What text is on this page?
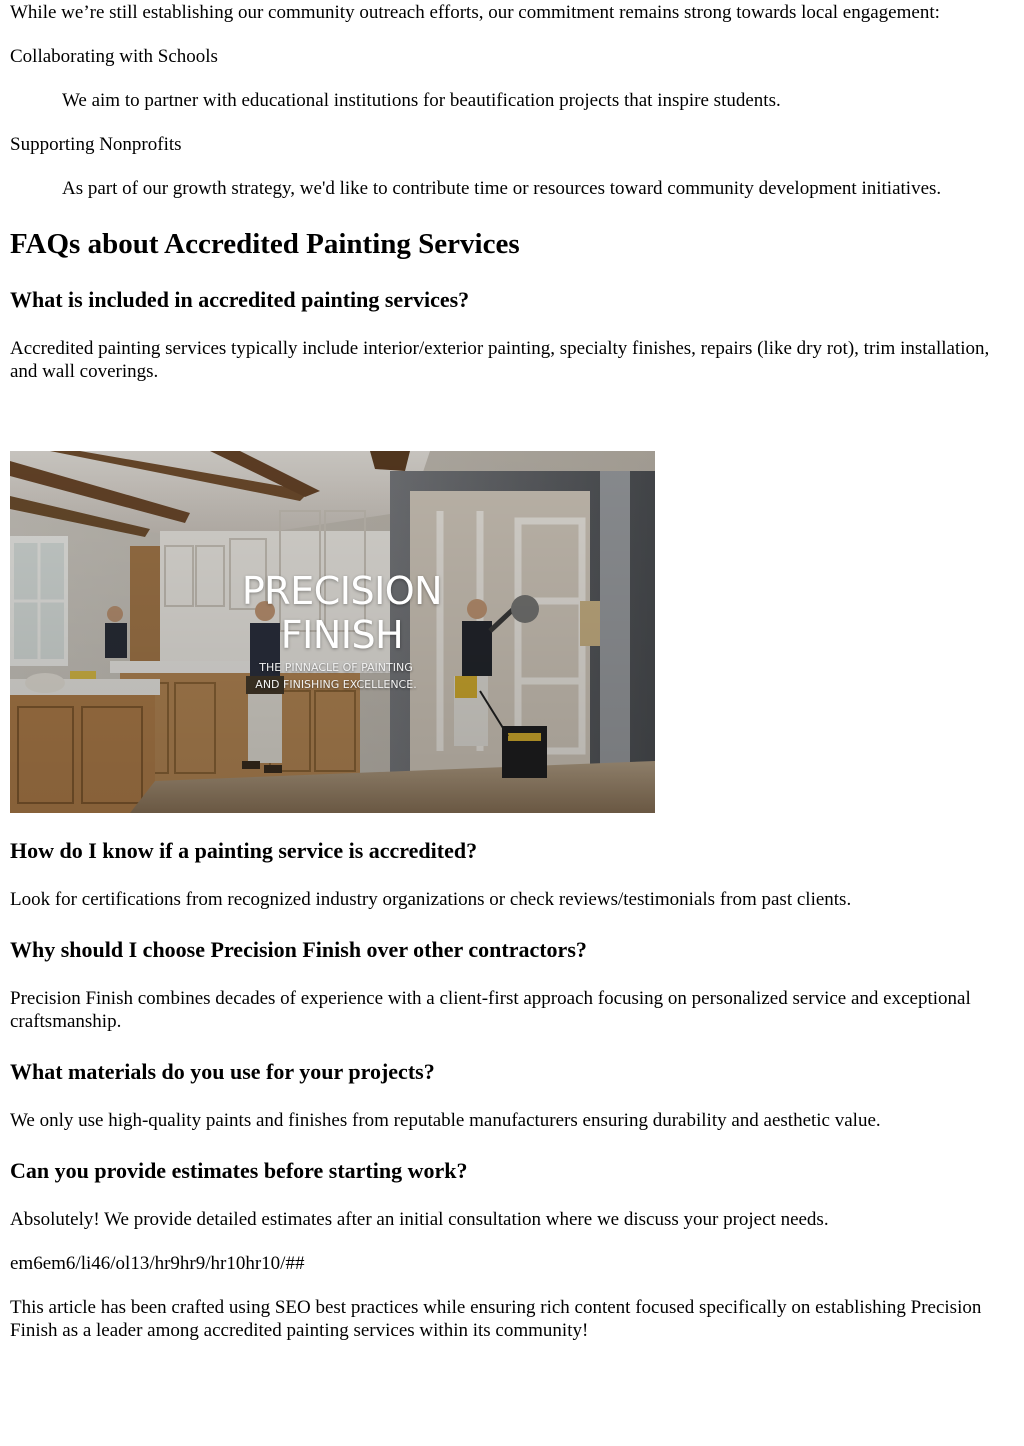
While we’re still establishing our community outreach efforts, our commitment remains strong towards local engagement:

Collaborating with Schools
We aim to partner with educational institutions for beautification projects that inspire students.
Supporting Nonprofits
As part of our growth strategy, we'd like to contribute time or resources toward community development initiatives.
FAQs about Accredited Painting Services
What is included in accredited painting services?

Accredited painting services typically include interior/exterior painting, specialty finishes, repairs (like dry rot), trim installation, and wall coverings.

PRECISION
FINISH
THE PINNACLE OF PAINTING
AND FINISHING EXCELLENCE.
How do I know if a painting service is accredited?

Look for certifications from recognized industry organizations or check reviews/testimonials from past clients.

Why should I choose Precision Finish over other contractors?

Precision Finish combines decades of experience with a client-first approach focusing on personalized service and exceptional craftsmanship.

What materials do you use for your projects?

We only use high-quality paints and finishes from reputable manufacturers ensuring durability and aesthetic value.

Can you provide estimates before starting work?

Absolutely! We provide detailed estimates after an initial consultation where we discuss your project needs.

em6em6/li46/ol13/hr9hr9/hr10hr10/##

This article has been crafted using SEO best practices while ensuring rich content focused specifically on establishing Precision Finish as a leader among accredited painting services within its community!
